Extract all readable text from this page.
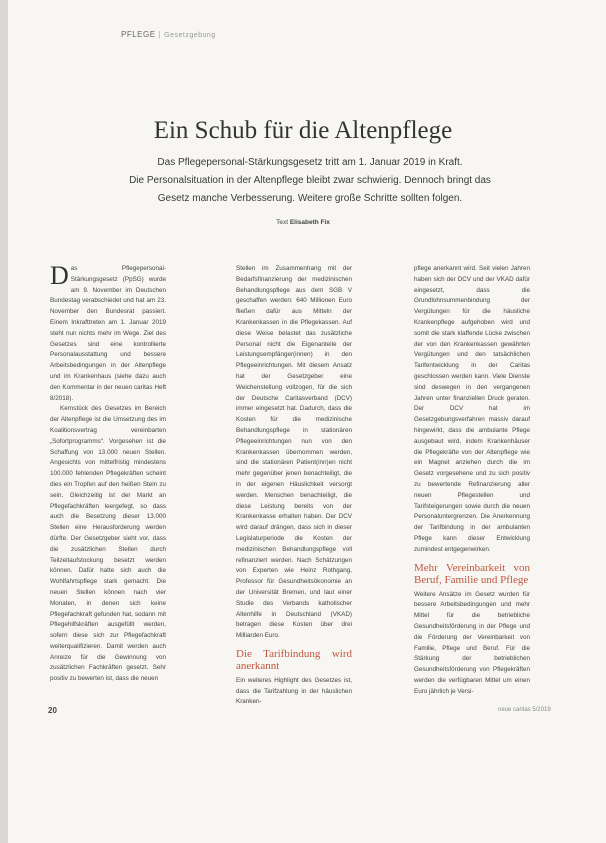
PFLEGE | Gesetzgebung
Ein Schub für die Altenpflege

Das Pflegepersonal-Stärkungsgesetz tritt am 1. Januar 2019 in Kraft.

Die Personalsituation in der Altenpflege bleibt zwar schwierig. Dennoch bringt das

Gesetz manche Verbesserung. Weitere große Schritte sollten folgen.

Text Elisabeth Fix

Das Pflegepersonal-Stärkungsgesetz (PpSG) wurde am 9. November im Deutschen Bundestag verabschiedet und hat am 23. November den Bundesrat passiert. Einem Inkrafttreten am 1. Januar 2019 steht nun nichts mehr im Wege. Ziel des Gesetzes sind eine kontrollierte Personalausstattung und bessere Arbeitsbedingungen in der Altenpflege und im Krankenhaus (siehe dazu auch den Kommentar in der neuen caritas Heft 8/2018).

Kernstück des Gesetzes im Bereich der Altenpflege ist die Umsetzung des im Koalitionsvertrag vereinbarten „Sofortprogramms“. Vorgesehen ist die Schaffung von 13.000 neuen Stellen. Angesichts von mittelfristig mindestens 100.000 fehlenden Pflegekräften scheint dies ein Tropfen auf den heißen Stein zu sein. Gleichzeitig ist der Markt an Pflegefachkräften leergefegt, so dass auch die Besetzung dieser 13.000 Stellen eine Herausforderung werden dürfte. Der Gesetzgeber sieht vor, dass die zusätzlichen Stellen durch Teilzeitaufstockung besetzt werden können. Dafür hatte sich auch die Wohlfahrtspflege stark gemacht. Die neuen Stellen können nach vier Monaten, in denen sich keine Pflegefachkraft gefunden hat, sodann mit Pflegehilfskräften ausgefüllt werden, sofern diese sich zur Pflegefachkraft weiterqualifizieren. Damit werden auch Anreize für die Gewinnung von zusätzlichen Fachkräften gesetzt. Sehr positiv zu bewerten ist, dass die neuen

Stellen im Zusammenhang mit der Bedarfsfinanzierung der medizinischen Behandlungspflege aus dem SGB V geschaffen werden: 640 Millionen Euro fließen dafür aus Mitteln der Krankenkassen in die Pflegekassen. Auf diese Weise belastet das zusätzliche Personal nicht die Eigenanteile der Leistungsempfänger(innen) in den Pflegeeinrichtungen. Mit diesem Ansatz hat der Gesetzgeber eine Weichenstellung vollzogen, für die sich der Deutsche Caritasverband (DCV) immer eingesetzt hat. Dadurch, dass die Kosten für die medizinische Behandlungspflege in stationären Pflegeeinrichtungen nun von den Krankenkassen übernommen werden, sind die stationären Patient(inn)en nicht mehr gegenüber jenen benachteiligt, die in der eigenen Häuslichkeit versorgt werden. Menschen benachteiligt, die diese Leistung bereits von der Krankenkasse erhalten haben. Der DCV wird darauf drängen, dass sich in dieser Legislaturperiode die Kosten der medizinischen Behandlungspflege voll refinanziert werden. Nach Schätzungen von Experten wie Heinz Rothgang, Professor für Gesundheitsökonomie an der Universität Bremen, und laut einer Studie des Verbands katholischer Altenhilfe in Deutschland (VKAD) betragen diese Kosten über drei Milliarden Euro.

Die Tarifbindung wird anerkannt

Ein weiteres Highlight des Gesetzes ist, dass die Tarifzahlung in der häuslichen Kranken-

pflege anerkannt wird. Seit vielen Jahren haben sich der DCV und der VKAD dafür eingesetzt, dass die Grundlohnsummenbindung der Vergütungen für die häusliche Krankenpflege aufgehoben wird und somit die stark klaffende Lücke zwischen der von den Krankenkassen gewährten Vergütungen und den tatsächlichen Tarifentwicklung in der Caritas geschlossen werden kann. Viele Dienste sind deswegen in den vergangenen Jahren unter finanziellen Druck geraten. Der DCV hat im Gesetzgebungsverfahren massiv darauf hingewirkt, dass die ambulante Pflege ausgebaut wird, indem Krankenhäuser die Pflegekräfte von der Altenpflege wie ein Magnet anziehen durch die im Gesetz vorgesehene und zu sich positiv zu bewertende Refinanzierung aller neuen Pflegestellen und Tarifsteigerungen sowie durch die neuen Personaluntergrenzen. Die Anerkennung der Tarifbindung in der ambulanten Pflege kann dieser Entwicklung zumindest entgegenwirken.

Mehr Vereinbarkeit von Beruf, Familie und Pflege

Weitere Ansätze im Gesetz wurden für bessere Arbeitsbedingungen und mehr Mittel für die betriebliche Gesundheitsförderung in der Pflege und die Förderung der Vereinbarkeit von Familie, Pflege und Beruf. Für die Stärkung der betrieblichen Gesundheitsförderung von Pflegekräften werden die verfügbaren Mittel um einen Euro jährlich je Versi-

20	neue caritas 5/2019
